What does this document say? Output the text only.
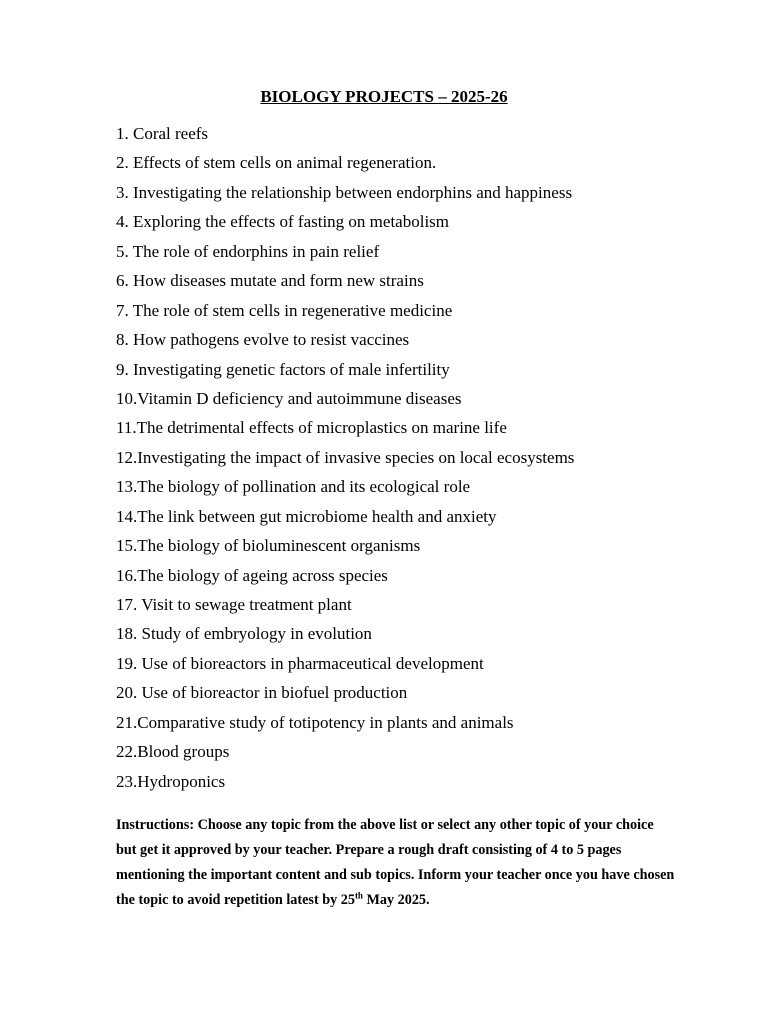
BIOLOGY PROJECTS – 2025-26
1. Coral reefs
2. Effects of stem cells on animal regeneration.
3. Investigating the relationship between endorphins and happiness
4. Exploring the effects of fasting on metabolism
5. The role of endorphins in pain relief
6. How diseases mutate and form new strains
7. The role of stem cells in regenerative medicine
8. How pathogens evolve to resist vaccines
9. Investigating genetic factors of male infertility
10.Vitamin D deficiency and autoimmune diseases
11.The detrimental effects of microplastics on marine life
12.Investigating the impact of invasive species on local ecosystems
13.The biology of pollination and its ecological role
14.The link between gut microbiome health and anxiety
15.The biology of bioluminescent organisms
16.The biology of ageing across species
17. Visit to sewage treatment plant
18. Study of embryology in evolution
19. Use of bioreactors in pharmaceutical development
20. Use of bioreactor in biofuel production
21.Comparative study of totipotency in plants and animals
22.Blood groups
23.Hydroponics
Instructions: Choose any topic from the above list or select any other topic of your choice but get it approved by your teacher. Prepare a rough draft consisting of 4 to 5 pages mentioning the important content and sub topics. Inform your teacher once you have chosen the topic to avoid repetition latest by 25th May 2025.
